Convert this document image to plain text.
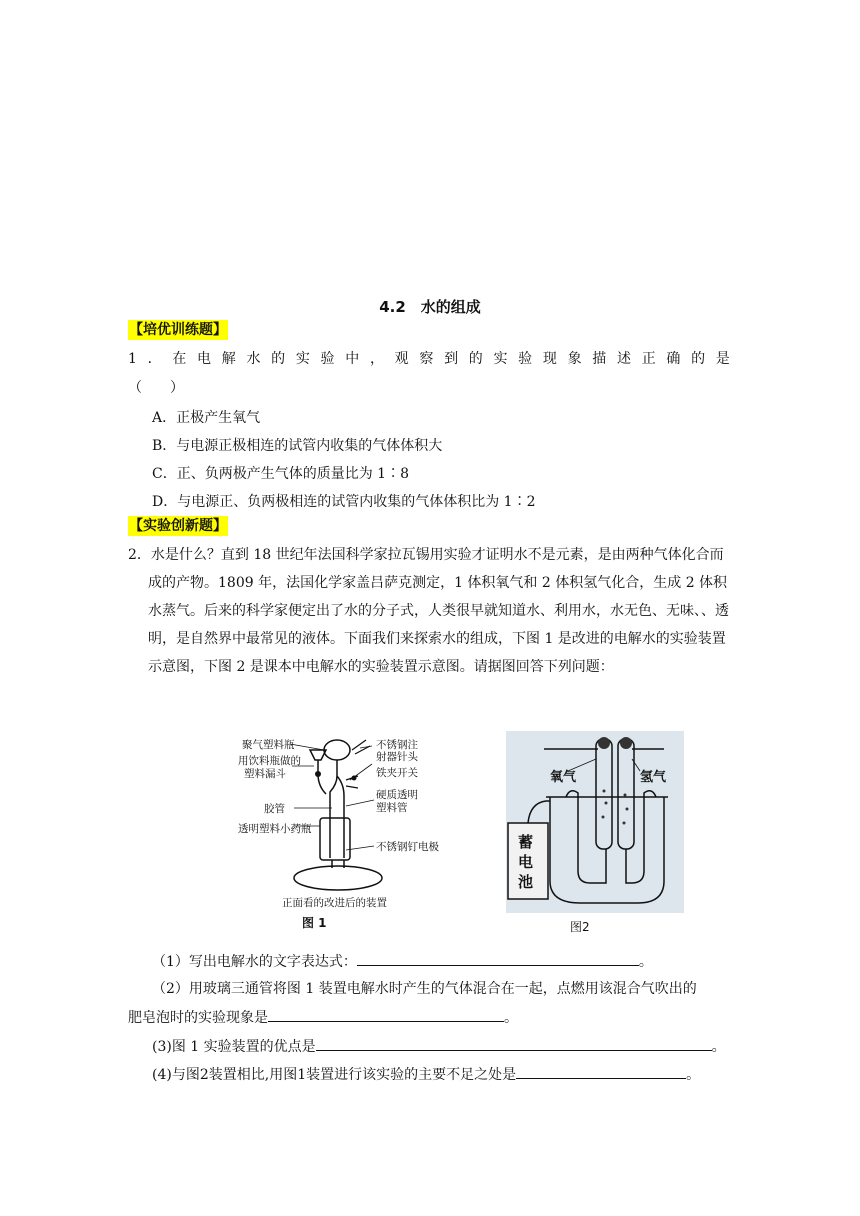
4.2　水的组成
【培优训练题】
1 ． 在 电 解 水 的 实 验 中 ， 观 察 到 的 实 验 现 象 描 述 正 确 的 是
（　　）
A．正极产生氧气
B．与电源正极相连的试管内收集的气体体积大
C．正、负两极产生气体的质量比为 1∶8
D．与电源正、负两极相连的试管内收集的气体体积比为 1∶2
【实验创新题】
2．水是什么？直到 18 世纪年法国科学家拉瓦锡用实验才证明水不是元素，是由两种气体化合而成的产物。1809 年，法国化学家盖吕萨克测定，1 体积氧气和 2 体积氢气化合，生成 2 体积水蒸气。后来的科学家便定出了水的分子式，人类很早就知道水、利用水，水无色、无味、、透明，是自然界中最常见的液体。下面我们来探索水的组成，下图 1 是改进的电解水的实验装置示意图，下图 2 是课本中电解水的实验装置示意图。请据图回答下列问题：
聚气塑料瓶
用饮料瓶做的
塑料漏斗
胶管
透明塑料小药瓶
不锈钢注
射器针头
铁夹开关
硬质透明
塑料管
不锈钢钉电极
正面看的改进后的装置
图 1
氧气	氢气
蓄
电
池
图2
（1）写出电解水的文字表达式：	。
（2）用玻璃三通管将图 1 装置电解水时产生的气体混合在一起，点燃用该混合气吹出的
肥皂泡时的实验现象是	。
(3)图 1 实验装置的优点是	。
(4)与图2装置相比,用图1装置进行该实验的主要不足之处是	。
